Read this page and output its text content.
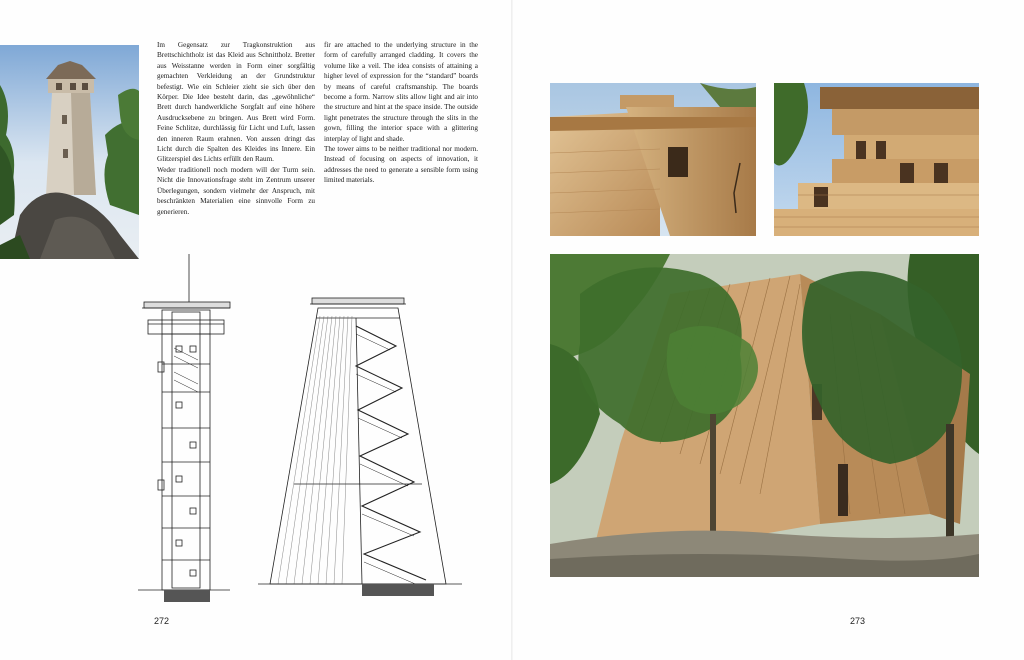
Im Gegensatz zur Tragkonstruktion aus Brettschichtholz ist das Kleid aus Schnittholz. Bretter aus Weisstanne werden in Form einer sorgfältig gemachten Verkleidung an der Grundstruktur befestigt. Wie ein Schleier zieht sie sich über den Körper. Die Idee besteht darin, das „gewöhnliche“ Brett durch handwerkliche Sorgfalt auf eine höhere Ausdrucksebene zu bringen. Aus Brett wird Form. Feine Schlitze, durchlässig für Licht und Luft, lassen den inneren Raum erahnen. Von aussen dringt das Licht durch die Spalten des Kleides ins Innere. Ein Glitzerspiel des Lichts erfüllt den Raum.

Weder traditionell noch modern will der Turm sein. Nicht die Innovationsfrage steht im Zentrum unserer Überlegungen, sondern vielmehr der Anspruch, mit beschränkten Materialien eine sinnvolle Form zu generieren.

fir are attached to the underlying structure in the form of carefully arranged cladding. It covers the volume like a veil. The idea consists of attaining a higher level of expression for the “standard” boards by means of careful craftsmanship. The boards become a form. Narrow slits allow light and air into the structure and hint at the space inside. The outside light penetrates the structure through the slits in the gown, filling the interior space with a glittering interplay of light and shade.

The tower aims to be neither traditional nor modern. Instead of focusing on aspects of innovation, it addresses the need to generate a sensible form using limited materials.

272	273
